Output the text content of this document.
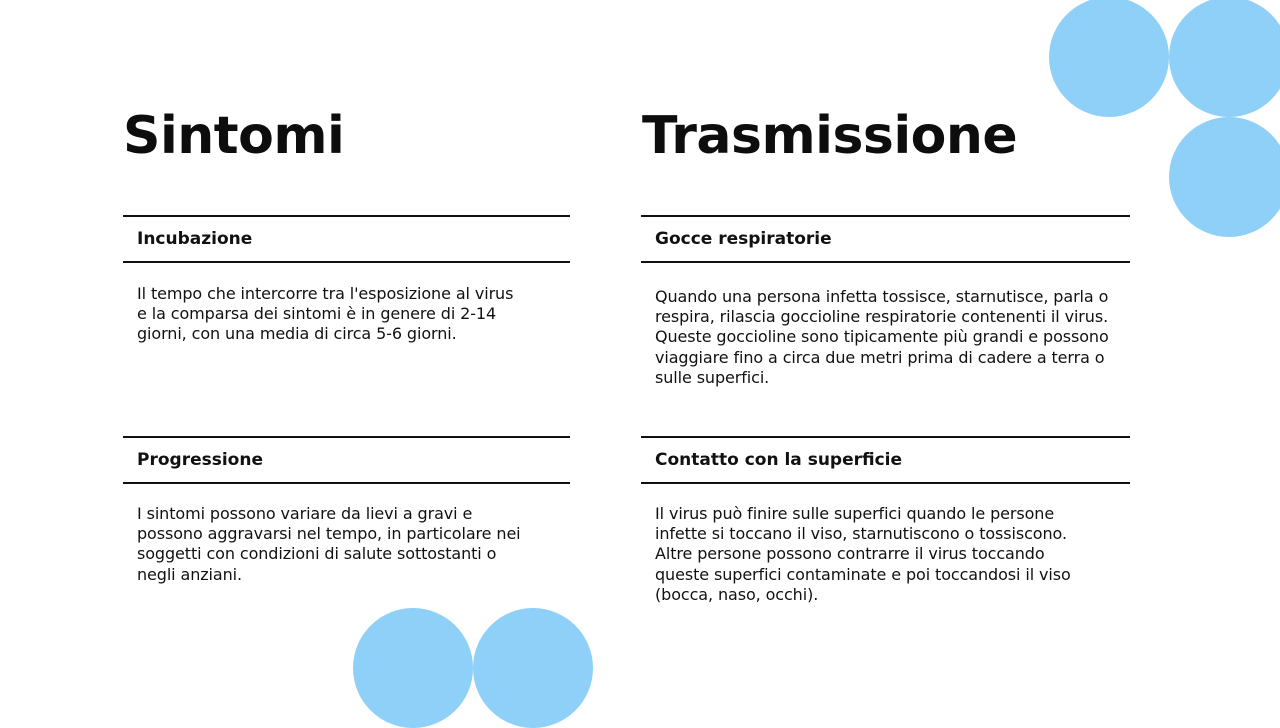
Sintomi
Incubazione
Il tempo che intercorre tra l'esposizione al virus e la comparsa dei sintomi è in genere di 2-14 giorni, con una media di circa 5-6 giorni.
Progressione
I sintomi possono variare da lievi a gravi e possono aggravarsi nel tempo, in particolare nei soggetti con condizioni di salute sottostanti o negli anziani.
Trasmissione
Gocce respiratorie
Quando una persona infetta tossisce, starnutisce, parla o respira, rilascia goccioline respiratorie contenenti il virus. Queste goccioline sono tipicamente più grandi e possono viaggiare fino a circa due metri prima di cadere a terra o sulle superfici.
Contatto con la superficie
Il virus può finire sulle superfici quando le persone infette si toccano il viso, starnutiscono o tossiscono. Altre persone possono contrarre il virus toccando queste superfici contaminate e poi toccandosi il viso (bocca, naso, occhi).
